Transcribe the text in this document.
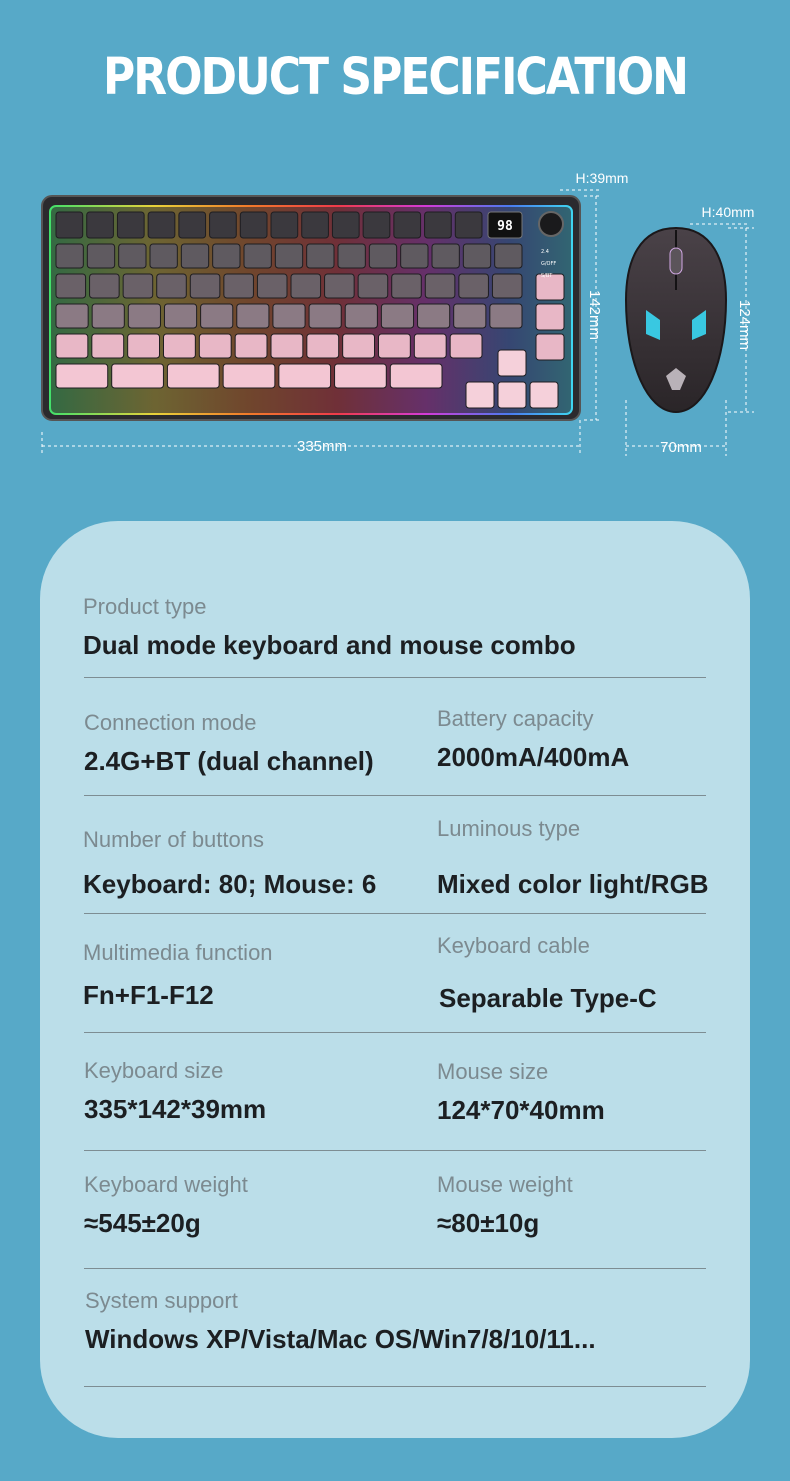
PRODUCT SPECIFICATION
98
2.4
G/OFF
S/BT
H:39mm
H:40mm
142mm	124mm
335mm	70mm
Product type
Dual mode keyboard and mouse combo
Connection mode
2.4G+BT (dual channel)
Battery capacity
2000mA/400mA
Number of buttons
Keyboard: 80; Mouse: 6
Luminous type
Mixed color light/RGB
Multimedia function
Fn+F1-F12
Keyboard cable
Separable Type-C
Keyboard size
335*142*39mm
Mouse size
124*70*40mm
Keyboard weight
≈545±20g
Mouse weight
≈80±10g
System support
Windows XP/Vista/Mac OS/Win7/8/10/11...
